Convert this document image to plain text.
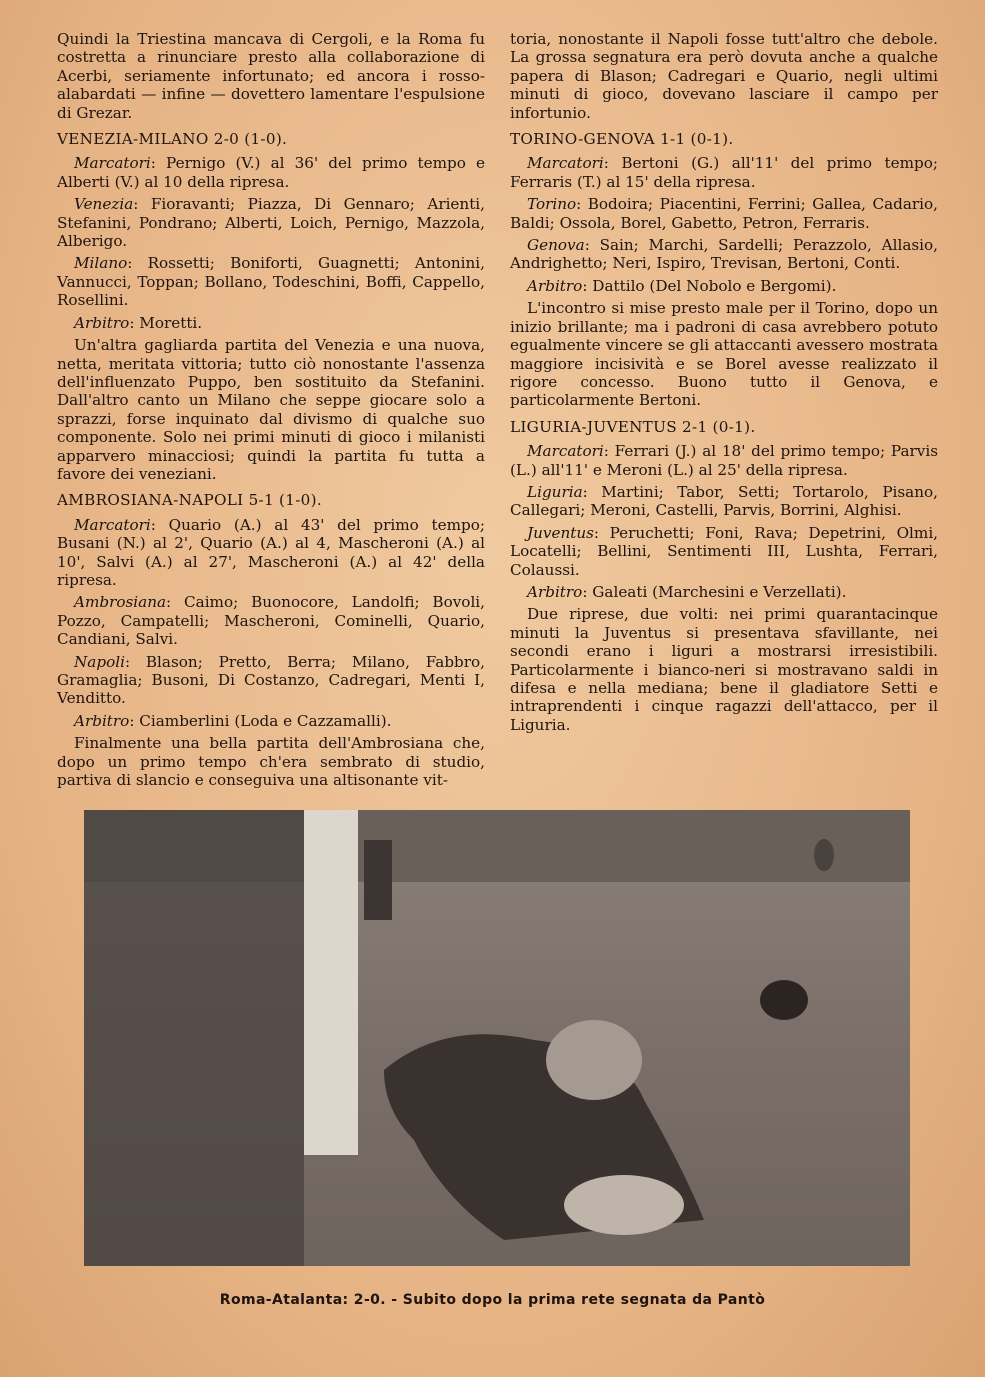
Quindi la Triestina mancava di Cergoli, e la Roma fu costretta a rinunciare presto alla collaborazione di Acerbi, seriamente infortunato; ed ancora i rosso-alabardati — infine — dovettero lamentare l'espulsione di Grezar.

VENEZIA-MILANO 2-0 (1-0).

Marcatori: Pernigo (V.) al 36' del primo tempo e Alberti (V.) al 10 della ripresa.

Venezia: Fioravanti; Piazza, Di Gennaro; Arienti, Stefanini, Pondrano; Alberti, Loich, Pernigo, Mazzola, Alberigo.

Milano: Rossetti; Boniforti, Guagnetti; Antonini, Vannucci, Toppan; Bollano, Todeschini, Boffi, Cappello, Rosellini.

Arbitro: Moretti.

Un'altra gagliarda partita del Venezia e una nuova, netta, meritata vittoria; tutto ciò nonostante l'assenza dell'influenzato Puppo, ben sostituito da Stefanini. Dall'altro canto un Milano che seppe giocare solo a sprazzi, forse inquinato dal divismo di qualche suo componente. Solo nei primi minuti di gioco i milanisti apparvero minacciosi; quindi la partita fu tutta a favore dei veneziani.

AMBROSIANA-NAPOLI 5-1 (1-0).

Marcatori: Quario (A.) al 43' del primo tempo; Busani (N.) al 2', Quario (A.) al 4, Mascheroni (A.) al 10', Salvi (A.) al 27', Mascheroni (A.) al 42' della ripresa.

Ambrosiana: Caimo; Buonocore, Landolfi; Bovoli, Pozzo, Campatelli; Mascheroni, Cominelli, Quario, Candiani, Salvi.

Napoli: Blason; Pretto, Berra; Milano, Fabbro, Gramaglia; Busoni, Di Costanzo, Cadregari, Menti I, Venditto.

Arbitro: Ciamberlini (Loda e Cazzamalli).

Finalmente una bella partita dell'Ambrosiana che, dopo un primo tempo ch'era sembrato di studio, partiva di slancio e conseguiva una altisonante vit-

toria, nonostante il Napoli fosse tutt'altro che debole. La grossa segnatura era però dovuta anche a qualche papera di Blason; Cadregari e Quario, negli ultimi minuti di gioco, dovevano lasciare il campo per infortunio.

TORINO-GENOVA 1-1 (0-1).

Marcatori: Bertoni (G.) all'11' del primo tempo; Ferraris (T.) al 15' della ripresa.

Torino: Bodoira; Piacentini, Ferrini; Gallea, Cadario, Baldi; Ossola, Borel, Gabetto, Petron, Ferraris.

Genova: Sain; Marchi, Sardelli; Perazzolo, Allasio, Andrighetto; Neri, Ispiro, Trevisan, Bertoni, Conti.

Arbitro: Dattilo (Del Nobolo e Bergomi).

L'incontro si mise presto male per il Torino, dopo un inizio brillante; ma i padroni di casa avrebbero potuto egualmente vincere se gli attaccanti avessero mostrata maggiore incisività e se Borel avesse realizzato il rigore concesso. Buono tutto il Genova, e particolarmente Bertoni.

LIGURIA-JUVENTUS 2-1 (0-1).

Marcatori: Ferrari (J.) al 18' del primo tempo; Parvis (L.) all'11' e Meroni (L.) al 25' della ripresa.

Liguria: Martini; Tabor, Setti; Tortarolo, Pisano, Callegari; Meroni, Castelli, Parvis, Borrini, Alghisi.

Juventus: Peruchetti; Foni, Rava; Depetrini, Olmi, Locatelli; Bellini, Sentimenti III, Lushta, Ferrari, Colaussi.

Arbitro: Galeati (Marchesini e Verzellati).

Due riprese, due volti: nei primi quarantacinque minuti la Juventus si presentava sfavillante, nei secondi erano i liguri a mostrarsi irresistibili. Particolarmente i bianco-neri si mostravano saldi in difesa e nella mediana; bene il gladiatore Setti e intraprendenti i cinque ragazzi dell'attacco, per il Liguria.

Roma-Atalanta: 2-0. - Subito dopo la prima rete segnata da Pantò
